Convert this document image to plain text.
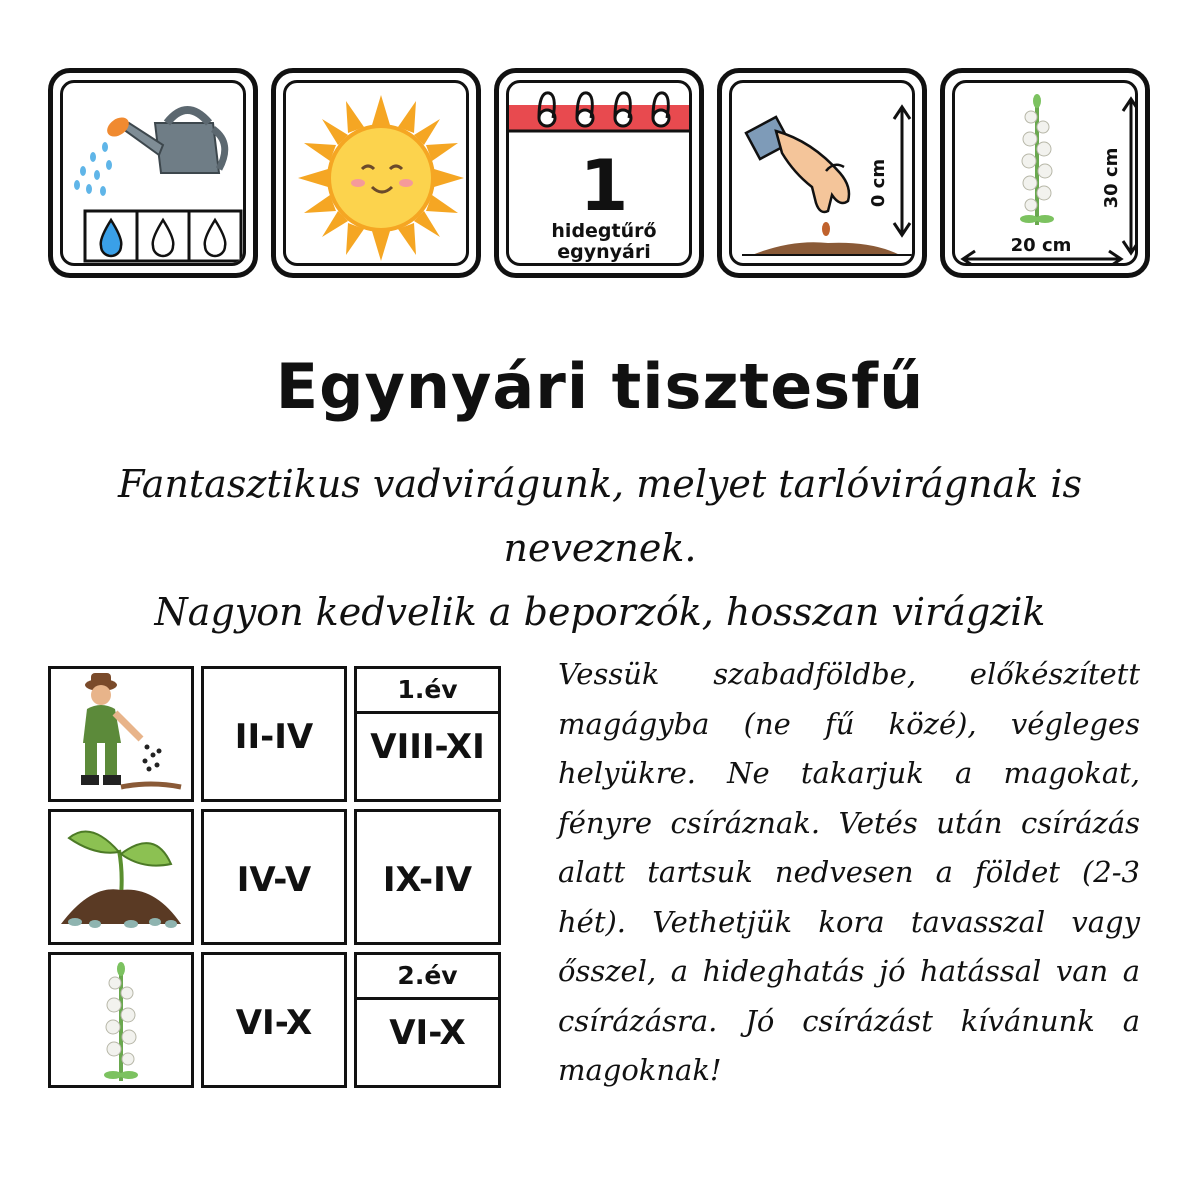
1
hidegtűrő
egynyári
0 cm	30 cm
20 cm
Egynyári tisztesfű
Fantasztikus vadvirágunk, melyet tarlóvirágnak is neveznek.
Nagyon kedvelik a beporzók, hosszan virágzik
II-IV
1.év
VIII-XI
IV-V	IX-IV
VI-X
2.év
VI-X
Vessük szabadföldbe, előkészített magágyba (ne fű közé), végleges helyükre. Ne takarjuk a magokat, fényre csíráznak. Vetés után csírázás alatt tartsuk nedvesen a földet (2-3 hét). Vethetjük kora tavasszal vagy ősszel, a hideghatás jó hatással van a csírázásra. Jó csírázást kívánunk a magoknak!
